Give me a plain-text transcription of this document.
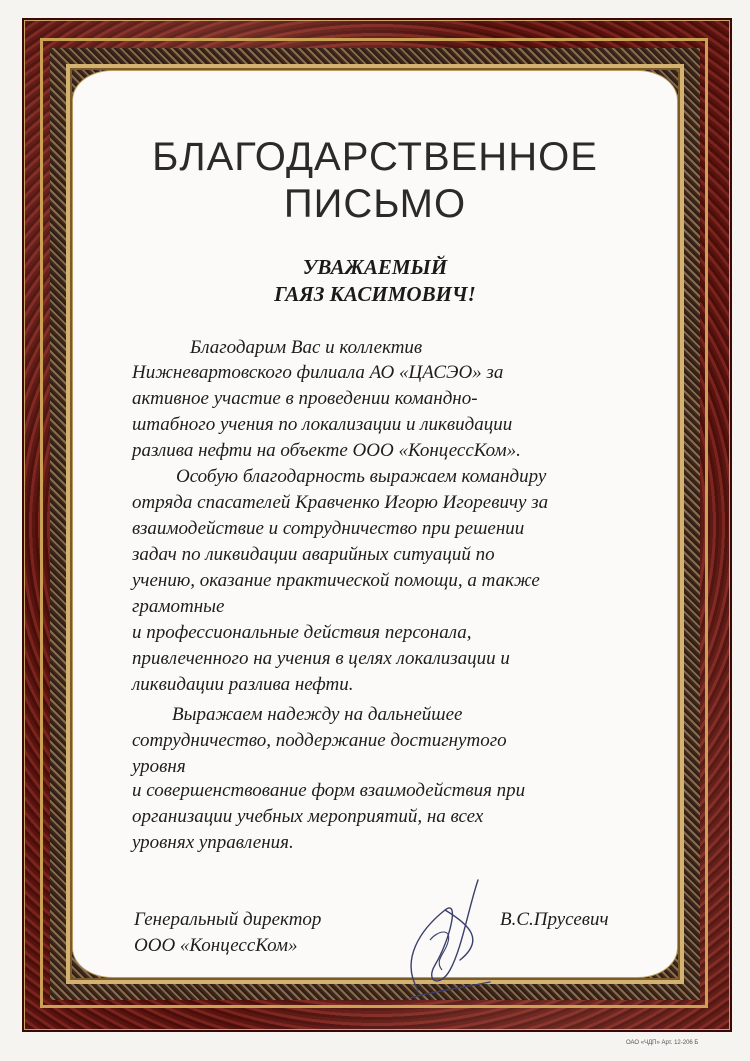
БЛАГОДАРСТВЕННОЕ
ПИСЬМО
УВАЖАЕМЫЙ
ГАЯЗ КАСИМОВИЧ!
Благодарим Вас и коллектив
Нижневартовского филиала АО «ЦАСЭО» за
активное участие в проведении командно-
штабного учения по локализации и ликвидации
разлива нефти на объекте ООО «КонцессКом».
Особую благодарность выражаем командиру
отряда спасателей Кравченко Игорю Игоревичу за
взаимодействие и сотрудничество при решении
задач по ликвидации аварийных ситуаций по
учению, оказание практической помощи, а также
грамотные
и профессиональные действия персонала,
привлеченного на учения в целях локализации и
ликвидации разлива нефти.
Выражаем надежду на дальнейшее
сотрудничество, поддержание достигнутого
уровня
и совершенствование форм взаимодействия при
организации учебных мероприятий, на всех
уровнях управления.
Генеральный директор
ООО «КонцессКом»
В.С.Прусевич
ОАО «ЧДП» Арт. 12-206 Б
